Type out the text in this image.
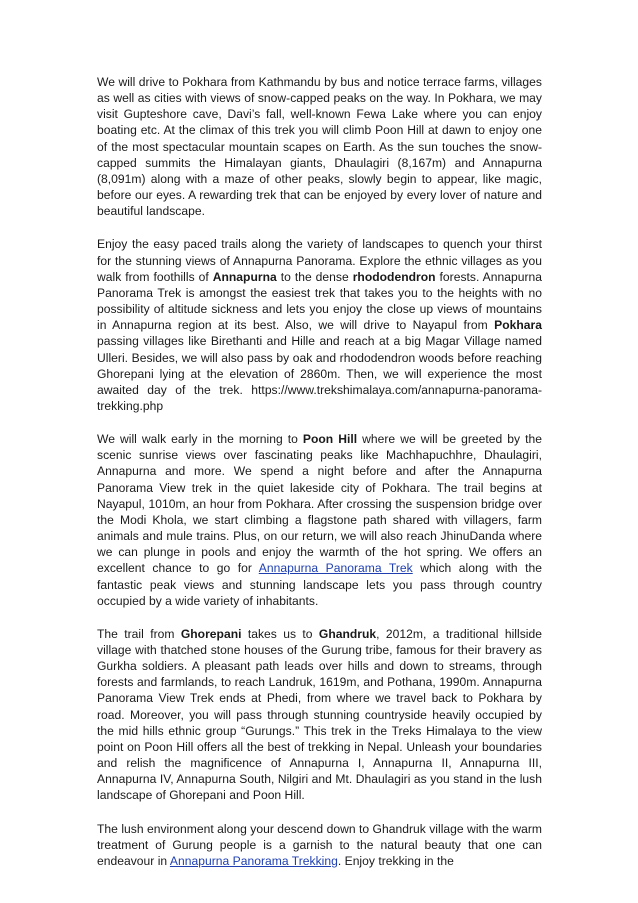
We will drive to Pokhara from Kathmandu by bus and notice terrace farms, villages as well as cities with views of snow-capped peaks on the way. In Pokhara, we may visit Gupteshore cave, Davi’s fall, well-known Fewa Lake where you can enjoy boating etc. At the climax of this trek you will climb Poon Hill at dawn to enjoy one of the most spectacular mountain scapes on Earth. As the sun touches the snow-capped summits the Himalayan giants, Dhaulagiri (8,167m) and Annapurna (8,091m) along with a maze of other peaks, slowly begin to appear, like magic, before our eyes. A rewarding trek that can be enjoyed by every lover of nature and beautiful landscape.

Enjoy the easy paced trails along the variety of landscapes to quench your thirst for the stunning views of Annapurna Panorama. Explore the ethnic villages as you walk from foothills of Annapurna to the dense rhododendron forests. Annapurna Panorama Trek is amongst the easiest trek that takes you to the heights with no possibility of altitude sickness and lets you enjoy the close up views of mountains in Annapurna region at its best. Also, we will drive to Nayapul from Pokhara passing villages like Birethanti and Hille and reach at a big Magar Village named Ulleri. Besides, we will also pass by oak and rhododendron woods before reaching Ghorepani lying at the elevation of 2860m. Then, we will experience the most awaited day of the trek. https://www.trekshimalaya.com/annapurna-panorama-trekking.php

We will walk early in the morning to Poon Hill where we will be greeted by the scenic sunrise views over fascinating peaks like Machhapuchhre, Dhaulagiri, Annapurna and more. We spend a night before and after the Annapurna Panorama View trek in the quiet lakeside city of Pokhara. The trail begins at Nayapul, 1010m, an hour from Pokhara. After crossing the suspension bridge over the Modi Khola, we start climbing a flagstone path shared with villagers, farm animals and mule trains. Plus, on our return, we will also reach JhinuDanda where we can plunge in pools and enjoy the warmth of the hot spring. We offers an excellent chance to go for Annapurna Panorama Trek which along with the fantastic peak views and stunning landscape lets you pass through country occupied by a wide variety of inhabitants.

The trail from Ghorepani takes us to Ghandruk, 2012m, a traditional hillside village with thatched stone houses of the Gurung tribe, famous for their bravery as Gurkha soldiers. A pleasant path leads over hills and down to streams, through forests and farmlands, to reach Landruk, 1619m, and Pothana, 1990m. Annapurna Panorama View Trek ends at Phedi, from where we travel back to Pokhara by road. Moreover, you will pass through stunning countryside heavily occupied by the mid hills ethnic group “Gurungs.” This trek in the Treks Himalaya to the view point on Poon Hill offers all the best of trekking in Nepal. Unleash your boundaries and relish the magnificence of Annapurna I, Annapurna II, Annapurna III, Annapurna IV, Annapurna South, Nilgiri and Mt. Dhaulagiri as you stand in the lush landscape of Ghorepani and Poon Hill.

The lush environment along your descend down to Ghandruk village with the warm treatment of Gurung people is a garnish to the natural beauty that one can endeavour in Annapurna Panorama Trekking. Enjoy trekking in the
